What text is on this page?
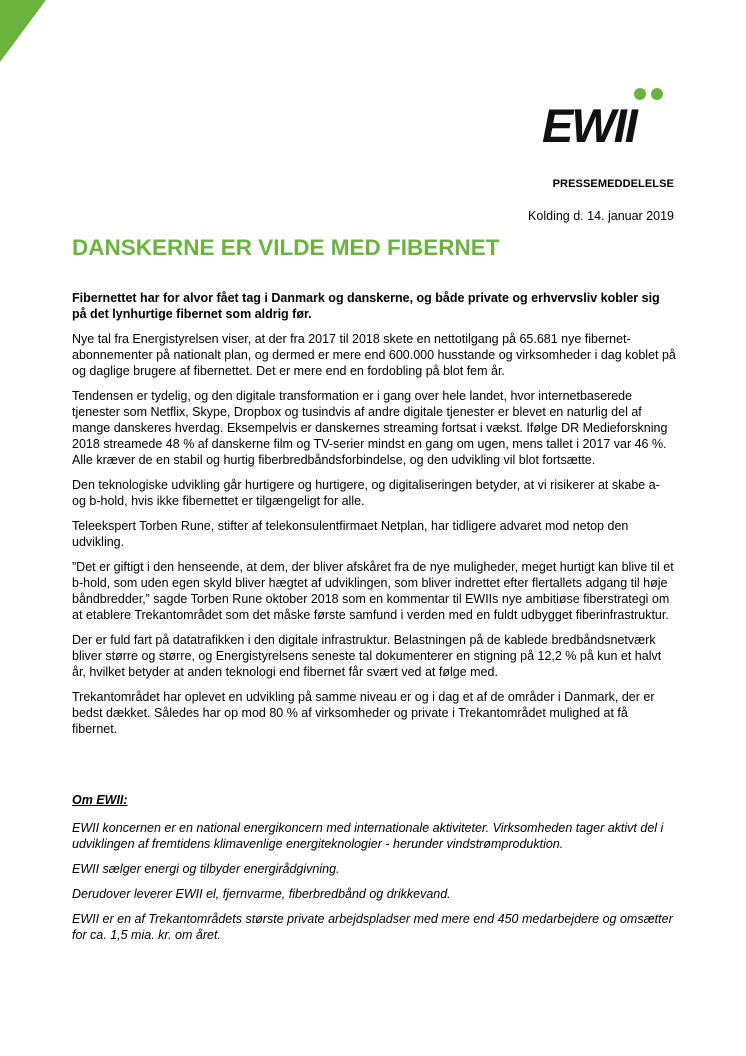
EWII
PRESSEMEDDELELSE
Kolding d. 14. januar 2019
DANSKERNE ER VILDE MED FIBERNET

Fibernettet har for alvor fået tag i Danmark og danskerne, og både private og erhvervsliv kobler sig på det lynhurtige fibernet som aldrig før.

Nye tal fra Energistyrelsen viser, at der fra 2017 til 2018 skete en nettotilgang på 65.681 nye fibernet-abonnementer på nationalt plan, og dermed er mere end 600.000 husstande og virksomheder i dag koblet på og daglige brugere af fibernettet. Det er mere end en fordobling på blot fem år.

Tendensen er tydelig, og den digitale transformation er i gang over hele landet, hvor internetbaserede tjenester som Netflix, Skype, Dropbox og tusindvis af andre digitale tjenester er blevet en naturlig del af mange danskeres hverdag. Eksempelvis er danskernes streaming fortsat i vækst. Ifølge DR Medieforskning 2018 streamede 48 % af danskerne film og TV-serier mindst en gang om ugen, mens tallet i 2017 var 46 %. Alle kræver de en stabil og hurtig fiberbredbåndsforbindelse, og den udvikling vil blot fortsætte.

Den teknologiske udvikling går hurtigere og hurtigere, og digitaliseringen betyder, at vi risikerer at skabe a- og b-hold, hvis ikke fibernettet er tilgængeligt for alle.

Teleekspert Torben Rune, stifter af telekonsulentfirmaet Netplan, har tidligere advaret mod netop den udvikling.

”Det er giftigt i den henseende, at dem, der bliver afskåret fra de nye muligheder, meget hurtigt kan blive til et b-hold, som uden egen skyld bliver hægtet af udviklingen, som bliver indrettet efter flertallets adgang til høje båndbredder,” sagde Torben Rune oktober 2018 som en kommentar til EWIIs nye ambitiøse fiberstrategi om at etablere Trekantområdet som det måske første samfund i verden med en fuldt udbygget fiberinfrastruktur.

Der er fuld fart på datatrafikken i den digitale infrastruktur. Belastningen på de kablede bredbåndsnetværk bliver større og større, og Energistyrelsens seneste tal dokumenterer en stigning på 12,2 % på kun et halvt år, hvilket betyder at anden teknologi end fibernet får svært ved at følge med.

Trekantområdet har oplevet en udvikling på samme niveau er og i dag et af de områder i Danmark, der er bedst dækket. Således har op mod 80 % af virksomheder og private i Trekantområdet mulighed at få fibernet.

Om EWII:

EWII koncernen er en national energikoncern med internationale aktiviteter. Virksomheden tager aktivt del i udviklingen af fremtidens klimavenlige energiteknologier - herunder vindstrømproduktion.

EWII sælger energi og tilbyder energirådgivning.

Derudover leverer EWII el, fjernvarme, fiberbredbånd og drikkevand.

EWII er en af Trekantområdets største private arbejdspladser med mere end 450 medarbejdere og omsætter for ca. 1,5 mia. kr. om året.
